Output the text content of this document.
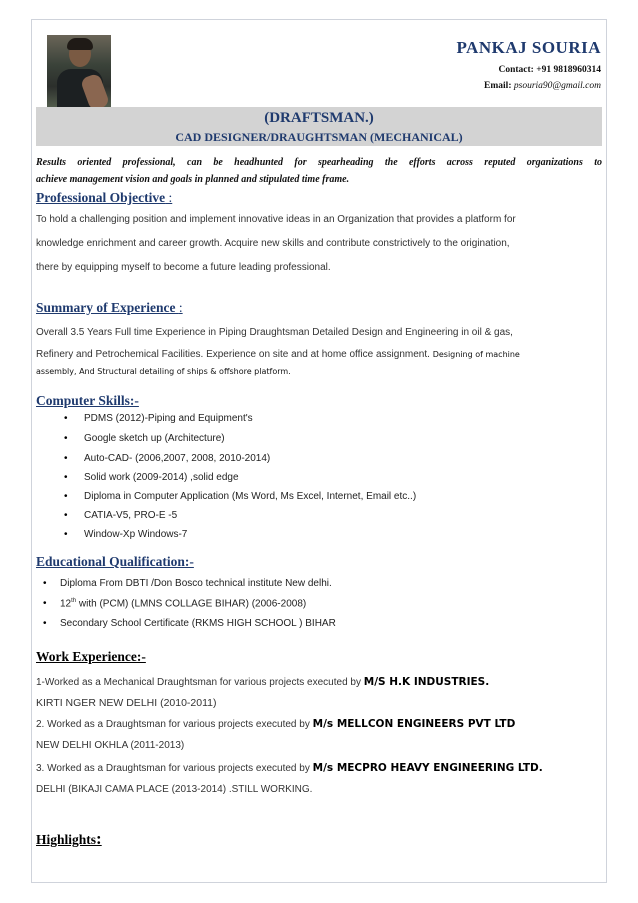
PANKAJ SOURIA
Contact: +91 9818960314
Email: psouria90@gmail.com
(DRAFTSMAN.)
CAD DESIGNER/DRAUGHTSMAN (MECHANICAL)
Results oriented professional, can be headhunted for spearheading the efforts across reputed organizations to
achieve management vision and goals in planned and stipulated time frame.
Professional Objective :
To hold a challenging position and implement innovative ideas in an Organization that provides a platform for
knowledge enrichment and career growth. Acquire new skills and contribute constrictively to the origination,
there by equipping myself to become a future leading professional.
Summary of Experience :
Overall 3.5 Years Full time Experience in Piping Draughtsman Detailed Design and Engineering in oil & gas,
Refinery and Petrochemical Facilities. Experience on site and at home office assignment. Designing of machine
assembly, And Structural detailing of ships & offshore platform.
Computer Skills:-
• PDMS (2012)-Piping and Equipment's
• Google sketch up (Architecture)
• Auto-CAD- (2006,2007, 2008, 2010-2014)
• Solid work (2009-2014) ,solid edge
• Diploma in Computer Application (Ms Word, Ms Excel, Internet, Email etc..)
• CATIA-V5, PRO-E -5
• Window-Xp Windows-7
Educational Qualification:-
• Diploma From DBTI /Don Bosco technical institute New delhi.
• 12th with (PCM) (LMNS COLLAGE BIHAR) (2006-2008)
• Secondary School Certificate (RKMS HIGH SCHOOL ) BIHAR
Work Experience:-
1-Worked as a Mechanical Draughtsman for various projects executed by M/S H.K INDUSTRIES.
KIRTI NGER NEW DELHI (2010-2011)
2. Worked as a Draughtsman for various projects executed by M/s MELLCON ENGINEERS PVT LTD
NEW DELHI OKHLA (2011-2013)
3. Worked as a Draughtsman for various projects executed by M/s MECPRO HEAVY ENGINEERING LTD.
DELHI (BIKAJI CAMA PLACE (2013-2014) .STILL WORKING.
Highlights:
